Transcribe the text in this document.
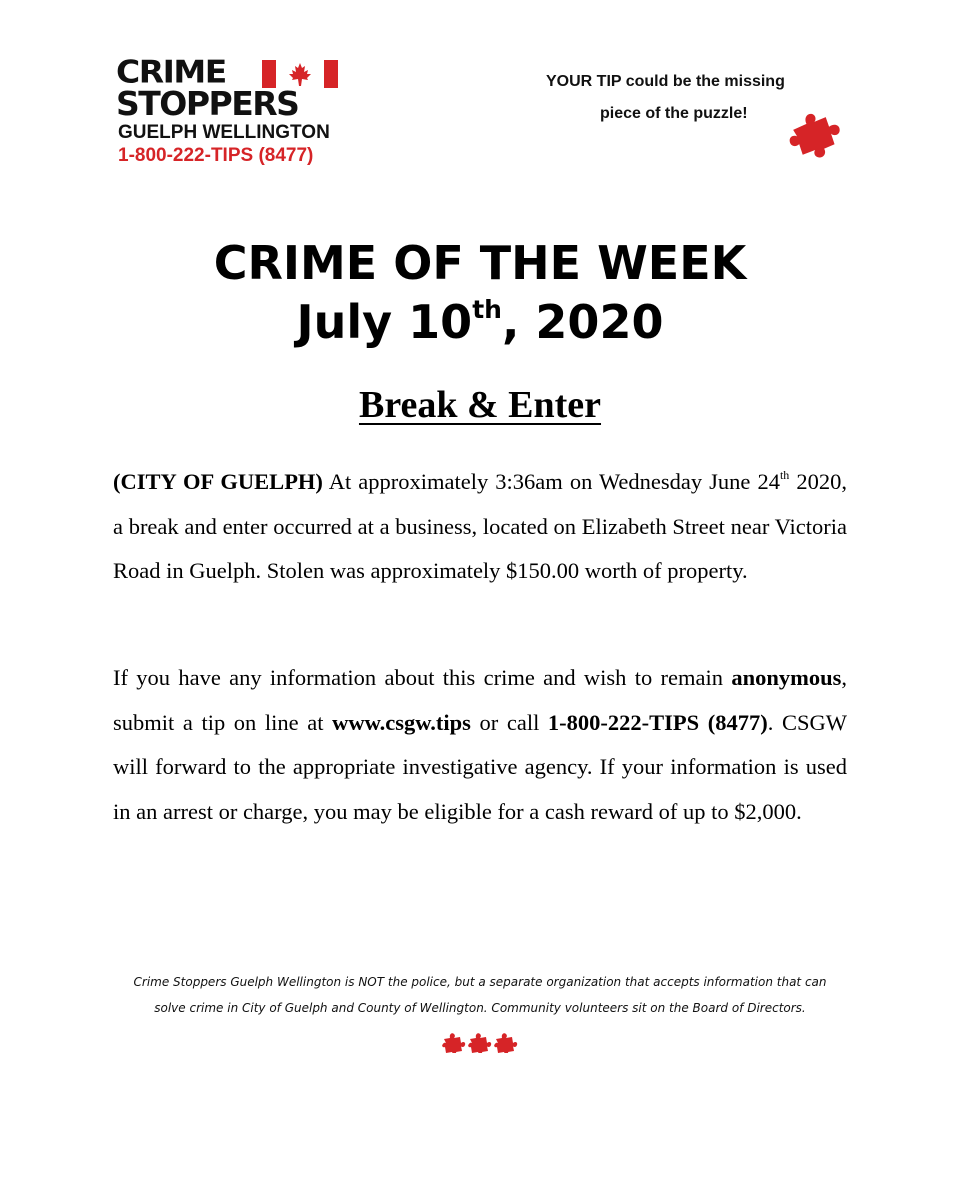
CRIME
STOPPERS
GUELPH WELLINGTON
1-800-222-TIPS (8477)
YOUR TIP could be the missing
piece of the puzzle!
CRIME OF THE WEEK
July 10th, 2020
Break & Enter
(CITY OF GUELPH) At approximately 3:36am on Wednesday June 24th 2020, a break and enter occurred at a business, located on Elizabeth Street near Victoria Road in Guelph. Stolen was approximately $150.00 worth of property.
If you have any information about this crime and wish to remain anonymous, submit a tip on line at www.csgw.tips or call 1-800-222-TIPS (8477). CSGW will forward to the appropriate investigative agency. If your information is used in an arrest or charge, you may be eligible for a cash reward of up to $2,000.
Crime Stoppers Guelph Wellington is NOT the police, but a separate organization that accepts information that can
solve crime in City of Guelph and County of Wellington. Community volunteers sit on the Board of Directors.
